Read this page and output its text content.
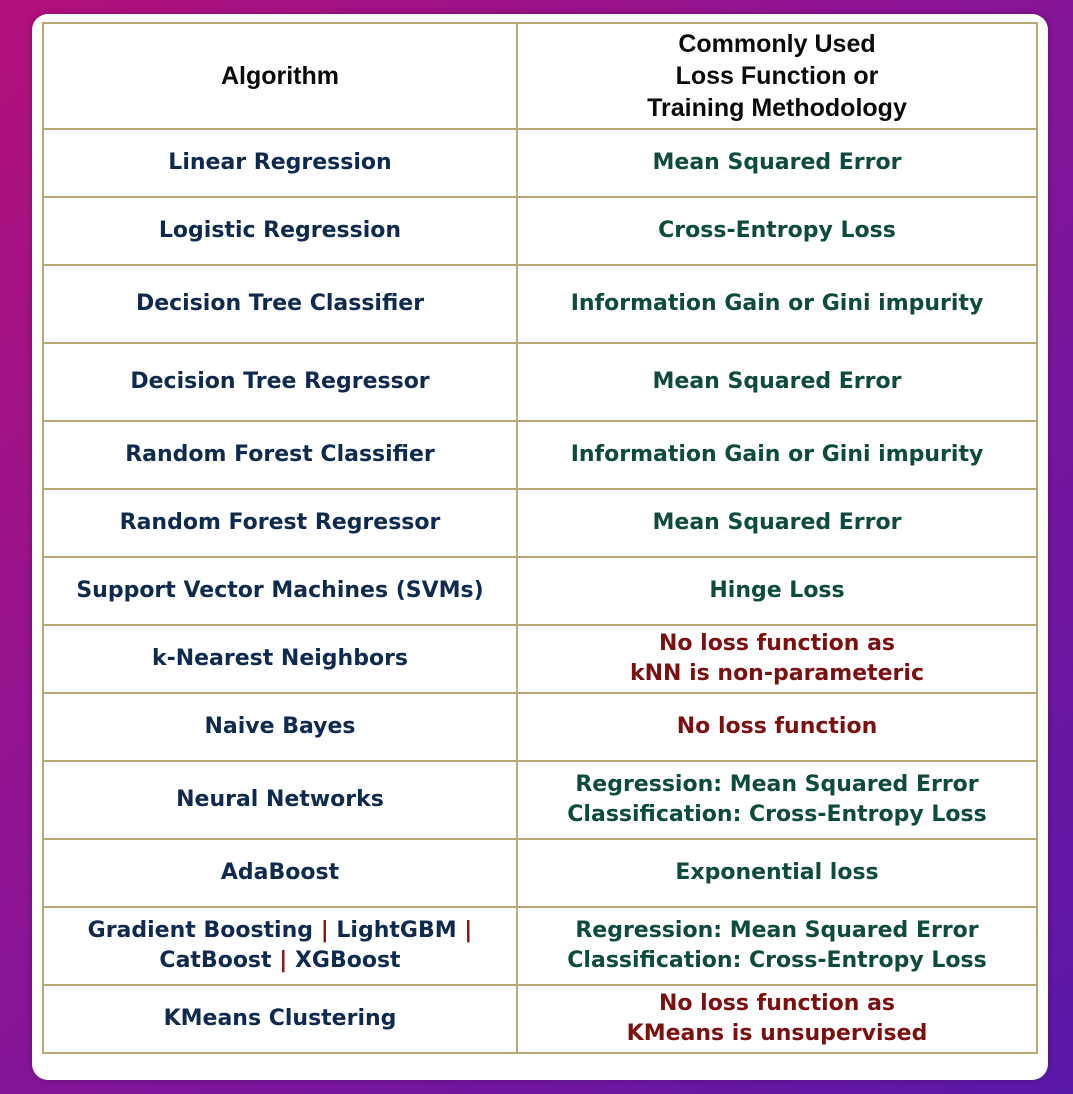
Algorithm	Commonly Used
Loss Function or
Training Methodology

Linear Regression	Mean Squared Error
Logistic Regression	Cross-Entropy Loss
Decision Tree Classifier	Information Gain or Gini impurity
Decision Tree Regressor	Mean Squared Error
Random Forest Classifier	Information Gain or Gini impurity
Random Forest Regressor	Mean Squared Error
Support Vector Machines (SVMs)	Hinge Loss
k-Nearest Neighbors	No loss function as
kNN is non-parameteric

Naive Bayes	No loss function
Neural Networks	Regression: Mean Squared Error
Classification: Cross-Entropy Loss

AdaBoost	Exponential loss

Gradient Boosting | LightGBM |
CatBoost | XGBoost	Regression: Mean Squared Error
Classification: Cross-Entropy Loss

KMeans Clustering	No loss function as
KMeans is unsupervised
